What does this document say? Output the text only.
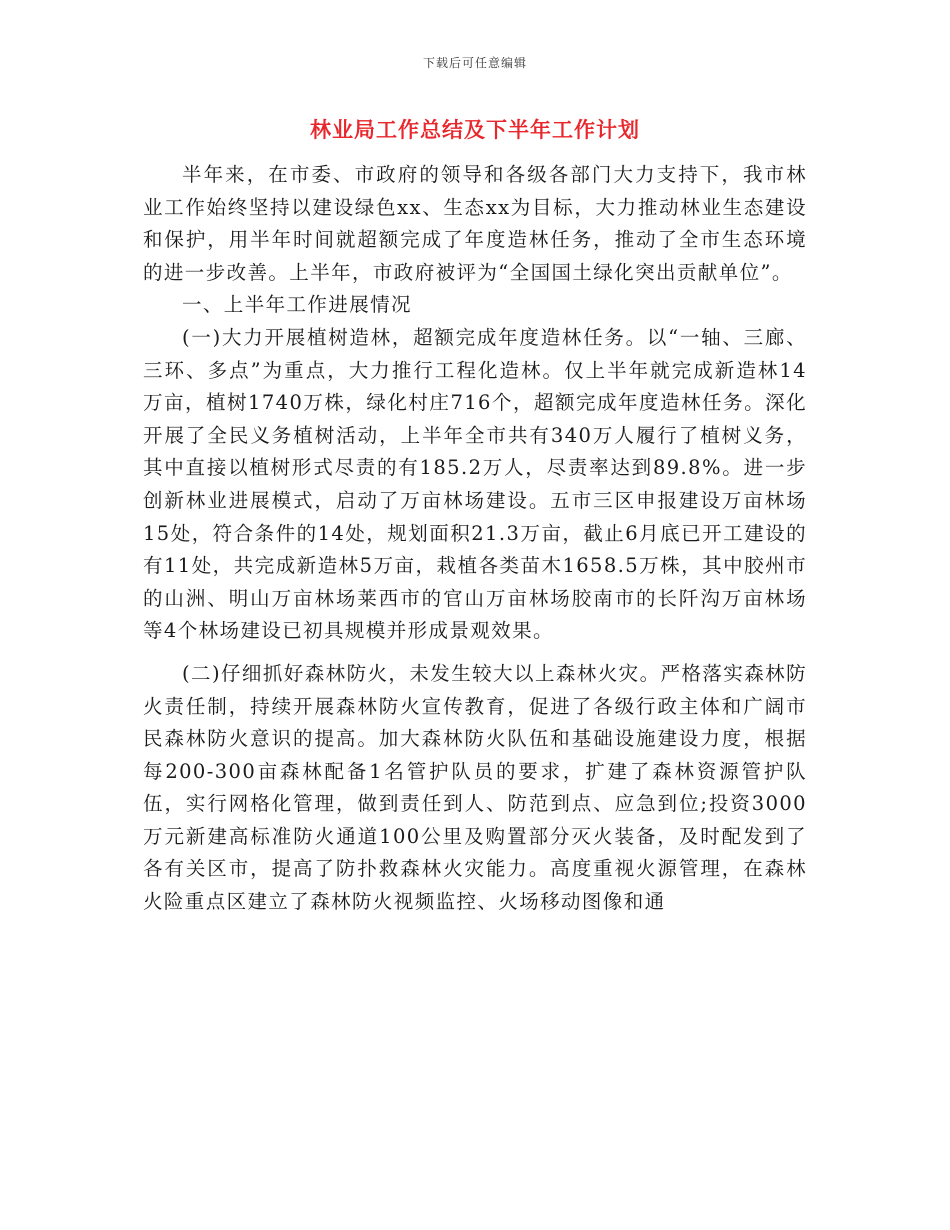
下载后可任意编辑
林业局工作总结及下半年工作计划

半年来，在市委、市政府的领导和各级各部门大力支持下，我市林业工作始终坚持以建设绿色xx、生态xx为目标，大力推动林业生态建设和保护，用半年时间就超额完成了年度造林任务，推动了全市生态环境的进一步改善。上半年，市政府被评为“全国国土绿化突出贡献单位”。

一、上半年工作进展情况

(一)大力开展植树造林，超额完成年度造林任务。以“一轴、三廊、三环、多点”为重点，大力推行工程化造林。仅上半年就完成新造林14万亩，植树1740万株，绿化村庄716个，超额完成年度造林任务。深化开展了全民义务植树活动，上半年全市共有340万人履行了植树义务，其中直接以植树形式尽责的有185.2万人，尽责率达到89.8%。进一步创新林业进展模式，启动了万亩林场建设。五市三区申报建设万亩林场15处，符合条件的14处，规划面积21.3万亩，截止6月底已开工建设的有11处，共完成新造林5万亩，栽植各类苗木1658.5万株，其中胶州市的山洲、明山万亩林场莱西市的官山万亩林场胶南市的长阡沟万亩林场等4个林场建设已初具规模并形成景观效果。

(二)仔细抓好森林防火，未发生较大以上森林火灾。严格落实森林防火责任制，持续开展森林防火宣传教育，促进了各级行政主体和广阔市民森林防火意识的提高。加大森林防火队伍和基础设施建设力度，根据每200-300亩森林配备1名管护队员的要求，扩建了森林资源管护队伍，实行网格化管理，做到责任到人、防范到点、应急到位;投资3000万元新建高标准防火通道100公里及购置部分灭火装备，及时配发到了各有关区市，提高了防扑救森林火灾能力。高度重视火源管理，在森林火险重点区建立了森林防火视频监控、火场移动图像和通
